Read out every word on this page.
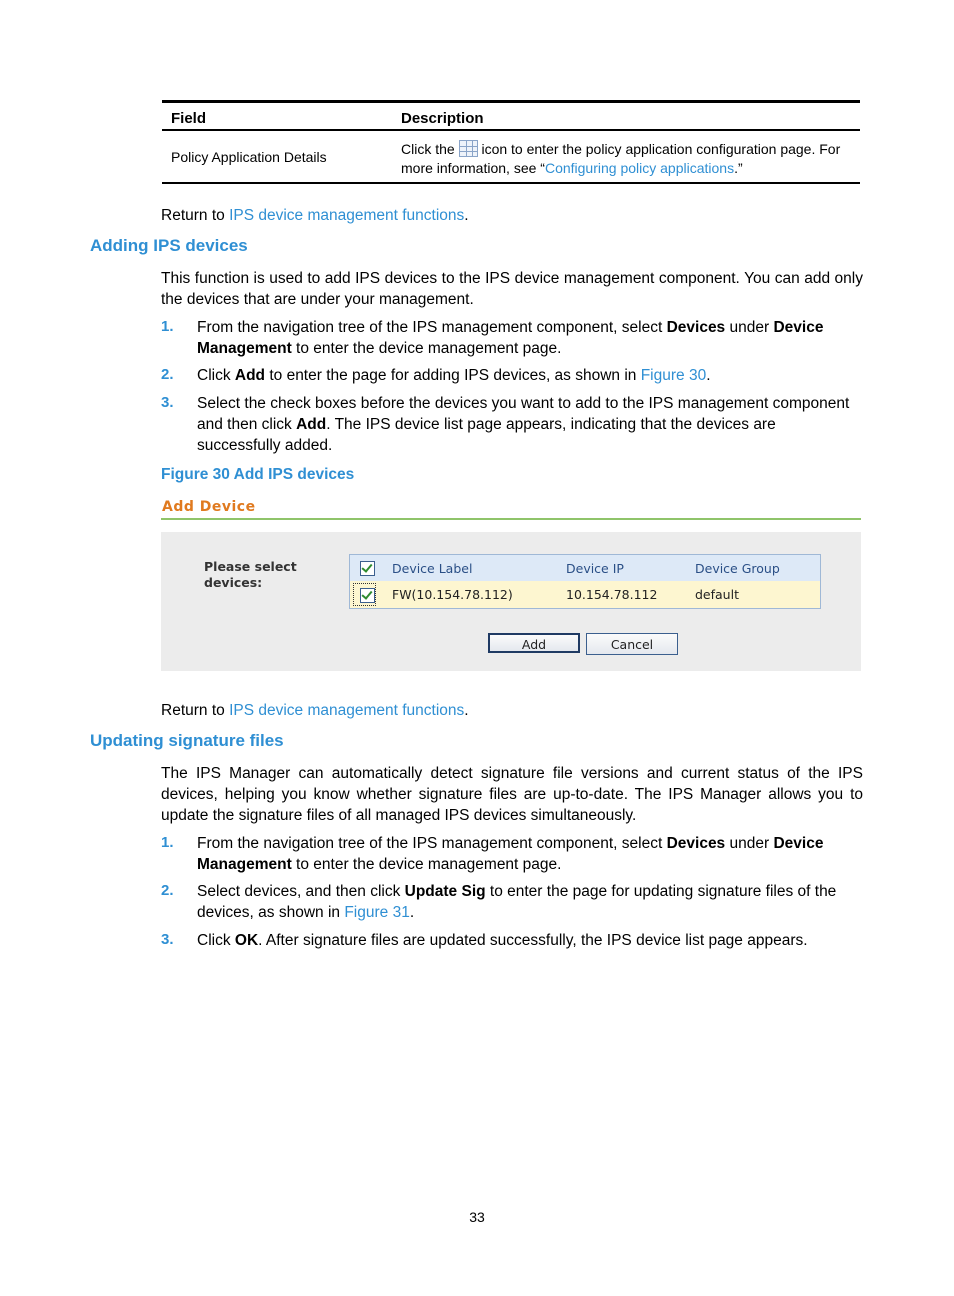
Field	Description
Policy Application Details	Click the icon to enter the policy application configuration page. For
more information, see “Configuring policy applications.”
Return to IPS device management functions.
Adding IPS devices
This function is used to add IPS devices to the IPS device management component. You can add only the devices that are under your management.
1. From the navigation tree of the IPS management component, select Devices under Device Management to enter the device management page.
2. Click Add to enter the page for adding IPS devices, as shown in Figure 30.
3. Select the check boxes before the devices you want to add to the IPS management component and then click Add. The IPS device list page appears, indicating that the devices are successfully added.
Figure 30 Add IPS devices
Add Device
Please select
devices:
Device Label	Device IP	Device Group
FW(10.154.78.112)	10.154.78.112	default
Add	Cancel
Return to IPS device management functions.
Updating signature files
The IPS Manager can automatically detect signature file versions and current status of the IPS devices, helping you know whether signature files are up-to-date. The IPS Manager allows you to update the signature files of all managed IPS devices simultaneously.
1. From the navigation tree of the IPS management component, select Devices under Device Management to enter the device management page.
2. Select devices, and then click Update Sig to enter the page for updating signature files of the devices, as shown in Figure 31.
3. Click OK. After signature files are updated successfully, the IPS device list page appears.
33
